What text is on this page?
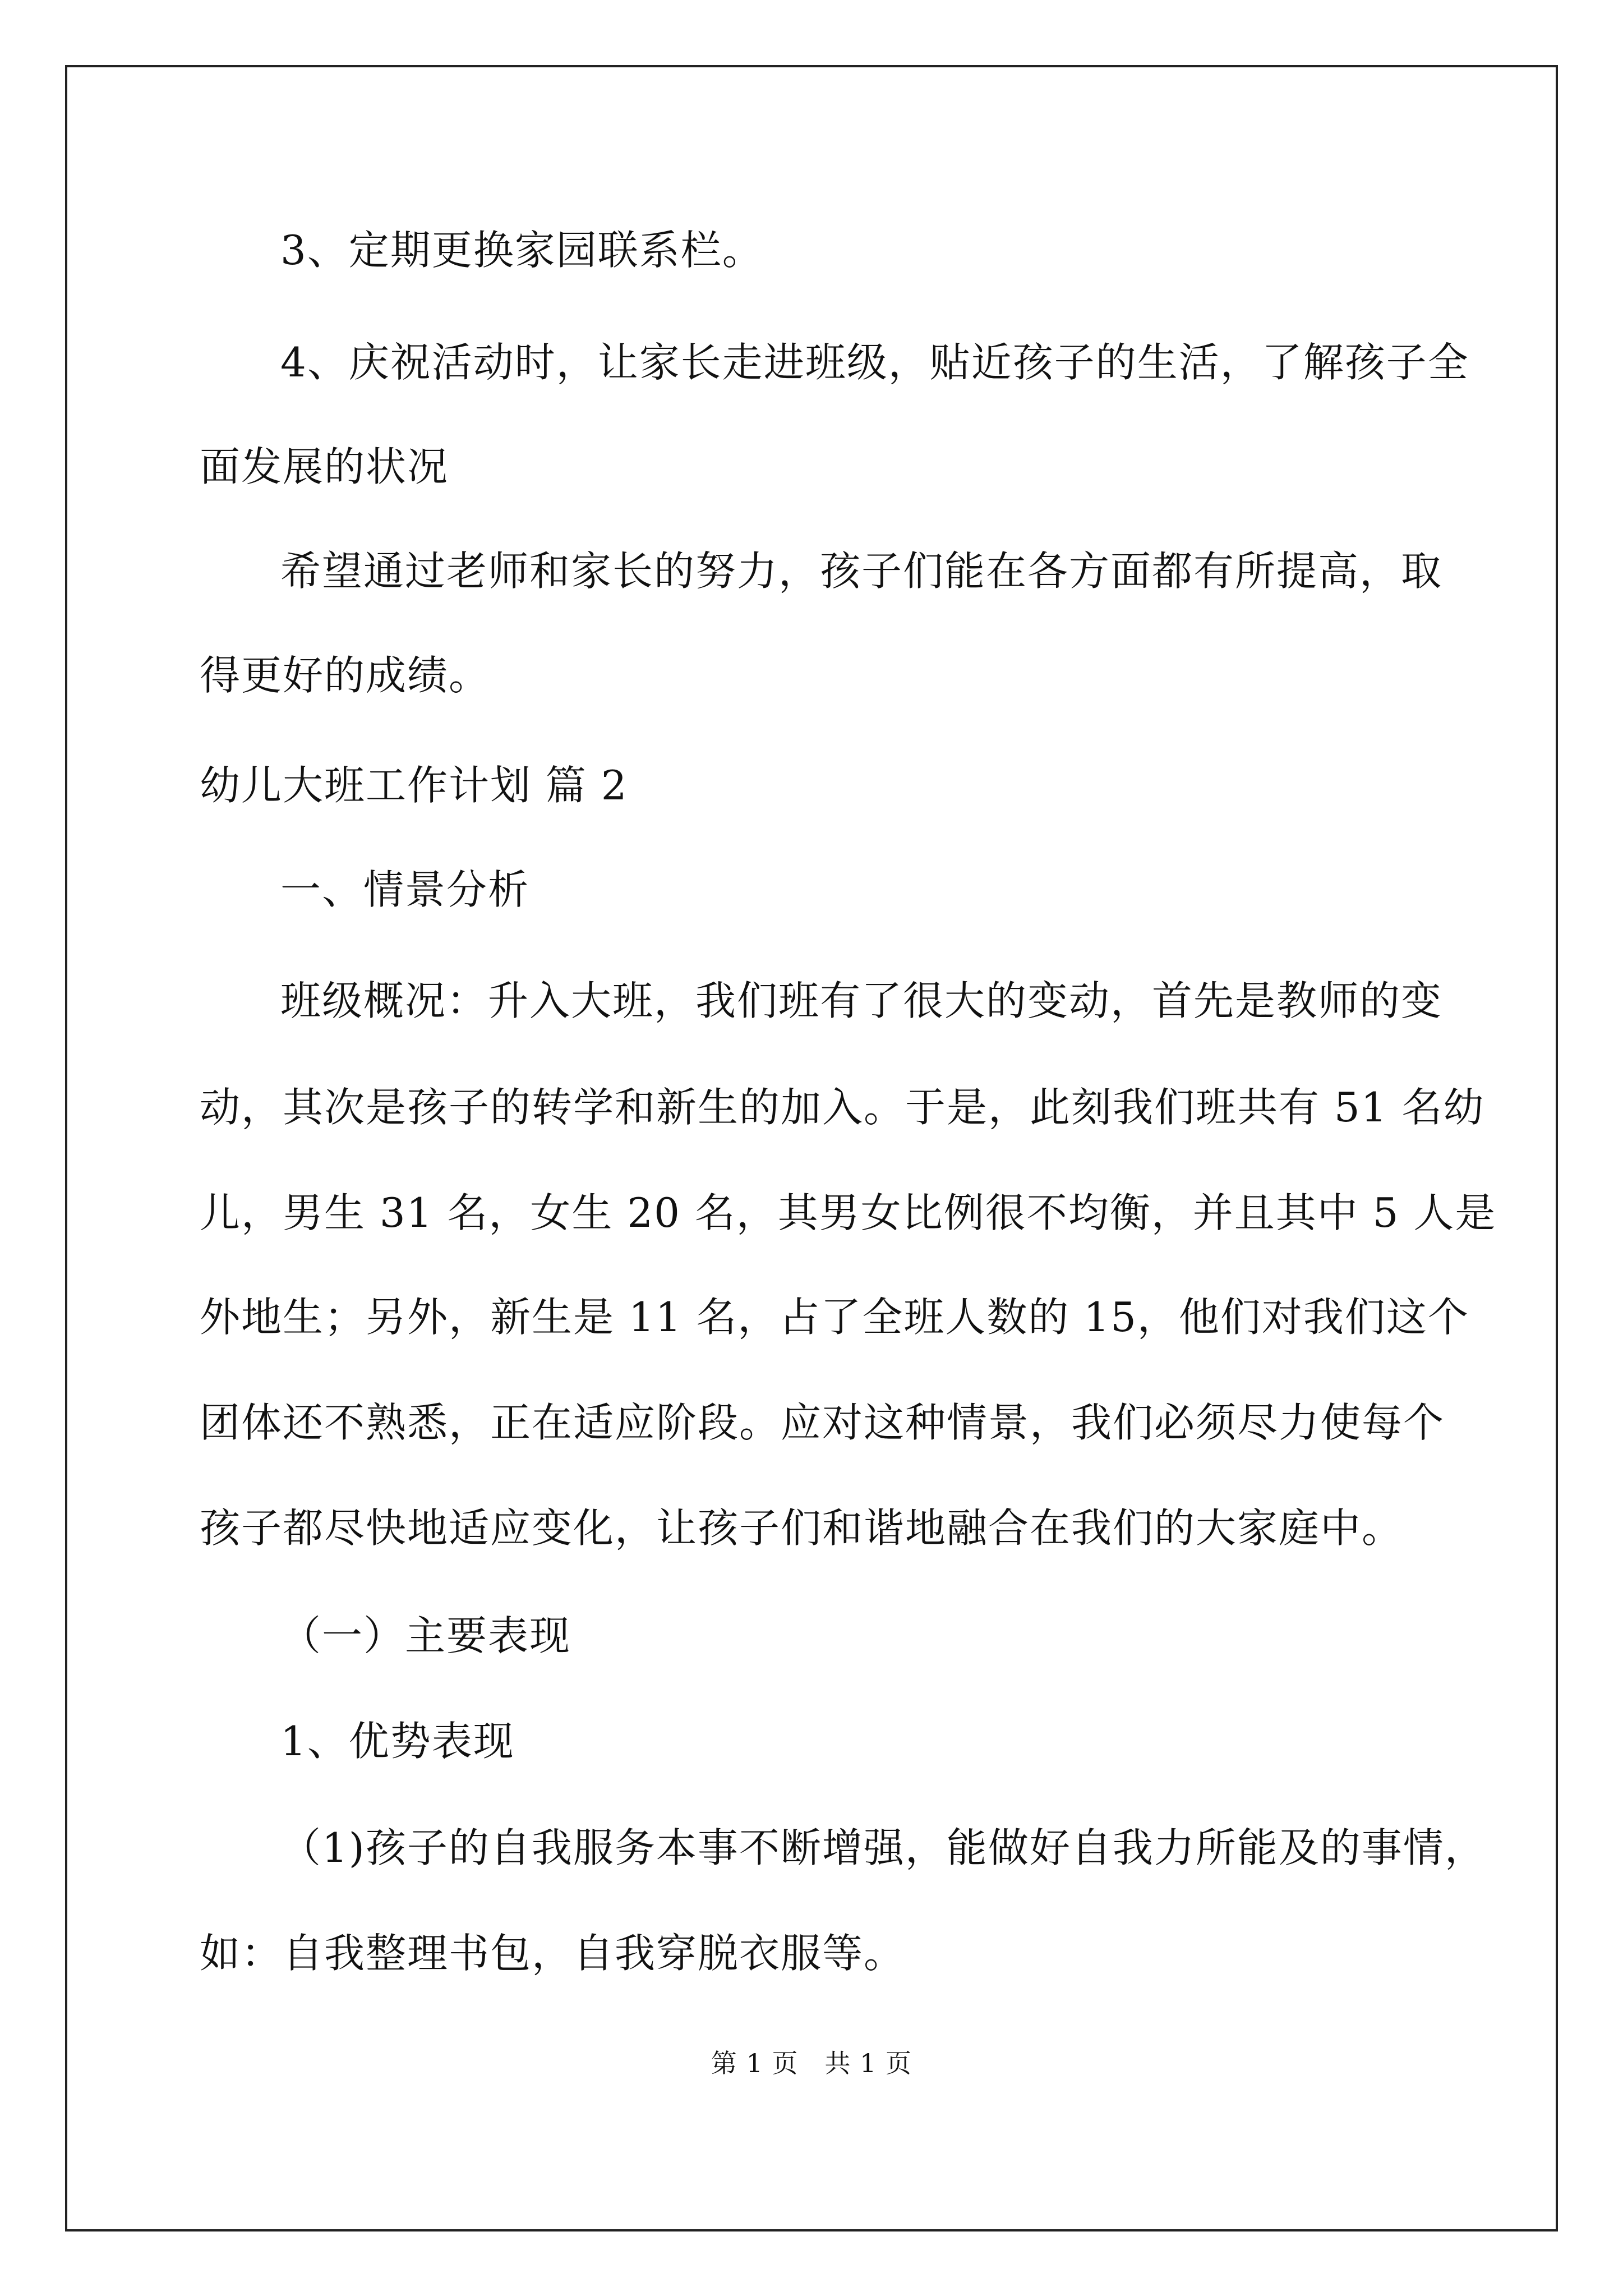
3、定期更换家园联系栏。
4、庆祝活动时，让家长走进班级，贴近孩子的生活，了解孩子全
面发展的状况
希望通过老师和家长的努力，孩子们能在各方面都有所提高，取
得更好的成绩。
幼儿大班工作计划 篇 2
一、情景分析
班级概况：升入大班，我们班有了很大的变动，首先是教师的变
动，其次是孩子的转学和新生的加入。于是，此刻我们班共有 51 名幼
儿，男生 31 名，女生 20 名，其男女比例很不均衡，并且其中 5 人是
外地生；另外，新生是 11 名，占了全班人数的 15，他们对我们这个
团体还不熟悉，正在适应阶段。应对这种情景，我们必须尽力使每个
孩子都尽快地适应变化，让孩子们和谐地融合在我们的大家庭中。
（一）主要表现
1、优势表现
（1)孩子的自我服务本事不断增强，能做好自我力所能及的事情，
如：自我整理书包，自我穿脱衣服等。
第 1 页　共 1 页
